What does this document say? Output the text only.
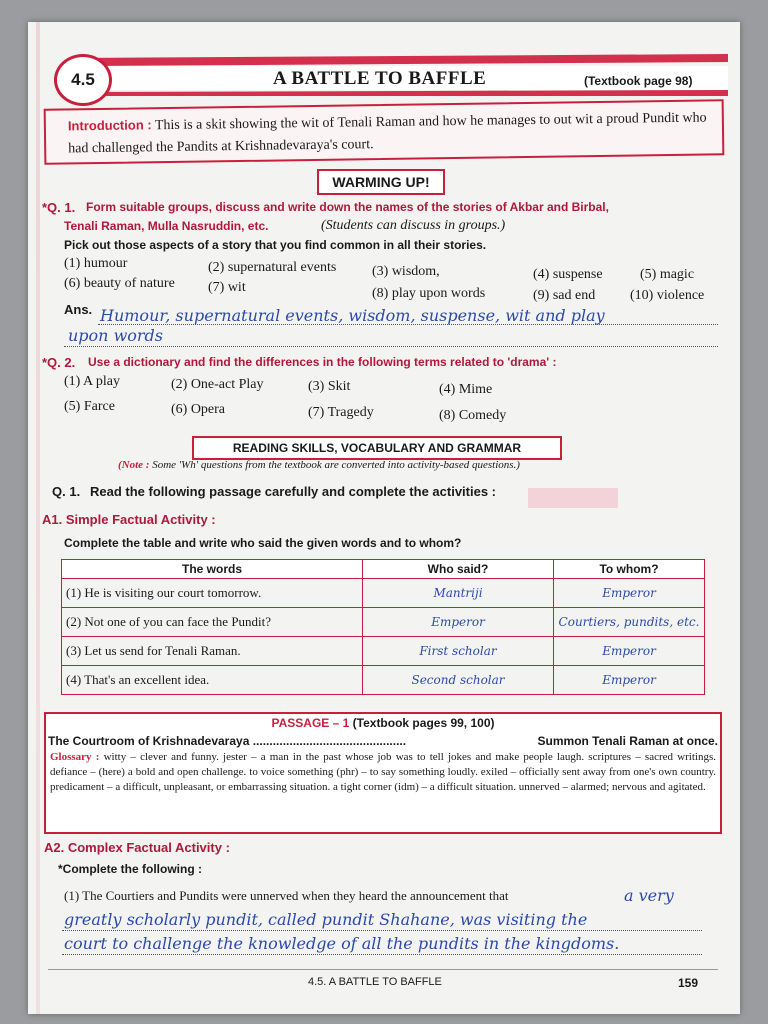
4.5	A BATTLE TO BAFFLE	(Textbook page 98)

Introduction : This is a skit showing the wit of Tenali Raman and how he manages to out wit a proud Pundit who had challenged the Pandits at Krishnadevaraya's court.

WARMING UP!
*Q. 1. Form suitable groups, discuss and write down the names of the stories of Akbar and Birbal,
Tenali Raman, Mulla Nasruddin, etc.	(Students can discuss in groups.)
Pick out those aspects of a story that you find common in all their stories.
(1) humour	(2) supernatural events	(3) wisdom,	(4) suspense	(5) magic
(6) beauty of nature (7) wit	(8) play upon words	(9) sad end (10) violence
Ans. Humour, supernatural events, wisdom, suspense, wit and play
upon words
*Q. 2. Use a dictionary and find the differences in the following terms related to 'drama' :
(1) A play	(2) One-act Play	(3) Skit	(4) Mime
(5) Farce	(6) Opera	(7) Tragedy	(8) Comedy
READING SKILLS, VOCABULARY AND GRAMMAR
(Note : Some 'Wh' questions from the textbook are converted into activity-based questions.)
Q. 1. Read the following passage carefully and complete the activities :
A1. Simple Factual Activity :
Complete the table and write who said the given words and to whom?
The words	Who said?	To whom?
(1) He is visiting our court tomorrow.	Mantriji	Emperor
(2) Not one of you can face the Pundit?	Emperor	Courtiers, pundits, etc.
(3) Let us send for Tenali Raman.	First scholar	Emperor
(4) That's an excellent idea.	Second scholar	Emperor
PASSAGE – 1 (Textbook pages 99, 100)
The Courtroom of Krishnadevaraya ..............................................	Summon Tenali Raman at once.
Glossary : witty – clever and funny. jester – a man in the past whose job was to tell jokes and make people laugh. scriptures – sacred writings. defiance – (here) a bold and open challenge. to voice something (phr) – to say something loudly. exiled – officially sent away from one's own country. predicament – a difficult, unpleasant, or embarrassing situation. a tight corner (idm) – a difficult situation. unnerved – alarmed; nervous and agitated.
A2. Complex Factual Activity :
*Complete the following :
(1) The Courtiers and Pundits were unnerved when they heard the announcement that	a very
greatly scholarly pundit, called pundit Shahane, was visiting the
court to challenge the knowledge of all the pundits in the kingdoms.
4.5. A BATTLE TO BAFFLE	159
